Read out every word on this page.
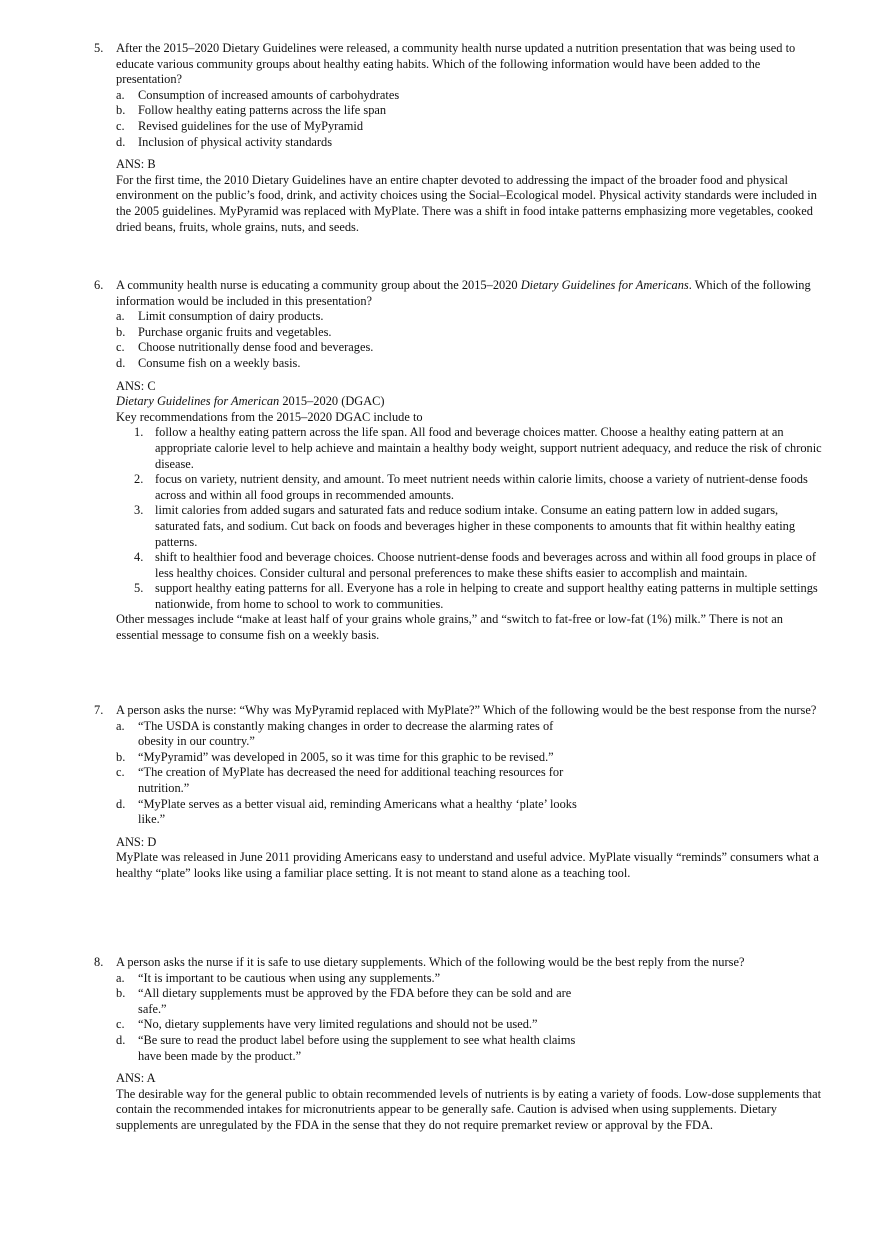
5. After the 2015–2020 Dietary Guidelines were released, a community health nurse updated a nutrition presentation that was being used to educate various community groups about healthy eating habits. Which of the following information would have been added to the presentation?
a. Consumption of increased amounts of carbohydrates
b. Follow healthy eating patterns across the life span
c. Revised guidelines for the use of MyPyramid
d. Inclusion of physical activity standards
ANS: B
For the first time, the 2010 Dietary Guidelines have an entire chapter devoted to addressing the impact of the broader food and physical environment on the public’s food, drink, and activity choices using the Social–Ecological model. Physical activity standards were included in the 2005 guidelines. MyPyramid was replaced with MyPlate. There was a shift in food intake patterns emphasizing more vegetables, cooked dried beans, fruits, whole grains, nuts, and seeds.
6. A community health nurse is educating a community group about the 2015–2020 Dietary Guidelines for Americans. Which of the following information would be included in this presentation?
a. Limit consumption of dairy products.
b. Purchase organic fruits and vegetables.
c. Choose nutritionally dense food and beverages.
d. Consume fish on a weekly basis.
ANS: C
Dietary Guidelines for American 2015–2020 (DGAC)
Key recommendations from the 2015–2020 DGAC include to
1. follow a healthy eating pattern across the life span. All food and beverage choices matter. Choose a healthy eating pattern at an appropriate calorie level to help achieve and maintain a healthy body weight, support nutrient adequacy, and reduce the risk of chronic disease.
2. focus on variety, nutrient density, and amount. To meet nutrient needs within calorie limits, choose a variety of nutrient-dense foods across and within all food groups in recommended amounts.
3. limit calories from added sugars and saturated fats and reduce sodium intake. Consume an eating pattern low in added sugars, saturated fats, and sodium. Cut back on foods and beverages higher in these components to amounts that fit within healthy eating patterns.
4. shift to healthier food and beverage choices. Choose nutrient-dense foods and beverages across and within all food groups in place of less healthy choices. Consider cultural and personal preferences to make these shifts easier to accomplish and maintain.
5. support healthy eating patterns for all. Everyone has a role in helping to create and support healthy eating patterns in multiple settings nationwide, from home to school to work to communities.
Other messages include “make at least half of your grains whole grains,” and “switch to fat-free or low-fat (1%) milk.” There is not an essential message to consume fish on a weekly basis.
7. A person asks the nurse: “Why was MyPyramid replaced with MyPlate?” Which of the following would be the best response from the nurse?
a. “The USDA is constantly making changes in order to decrease the alarming rates of obesity in our country.”
b. “MyPyramid” was developed in 2005, so it was time for this graphic to be revised.”
c. “The creation of MyPlate has decreased the need for additional teaching resources for nutrition.”
d. “MyPlate serves as a better visual aid, reminding Americans what a healthy ‘plate’ looks like.”
ANS: D
MyPlate was released in June 2011 providing Americans easy to understand and useful advice. MyPlate visually “reminds” consumers what a healthy “plate” looks like using a familiar place setting. It is not meant to stand alone as a teaching tool.
8. A person asks the nurse if it is safe to use dietary supplements. Which of the following would be the best reply from the nurse?
a. “It is important to be cautious when using any supplements.”
b. “All dietary supplements must be approved by the FDA before they can be sold and are safe.”
c. “No, dietary supplements have very limited regulations and should not be used.”
d. “Be sure to read the product label before using the supplement to see what health claims have been made by the product.”
ANS: A
The desirable way for the general public to obtain recommended levels of nutrients is by eating a variety of foods. Low-dose supplements that contain the recommended intakes for micronutrients appear to be generally safe. Caution is advised when using supplements. Dietary supplements are unregulated by the FDA in the sense that they do not require premarket review or approval by the FDA.
